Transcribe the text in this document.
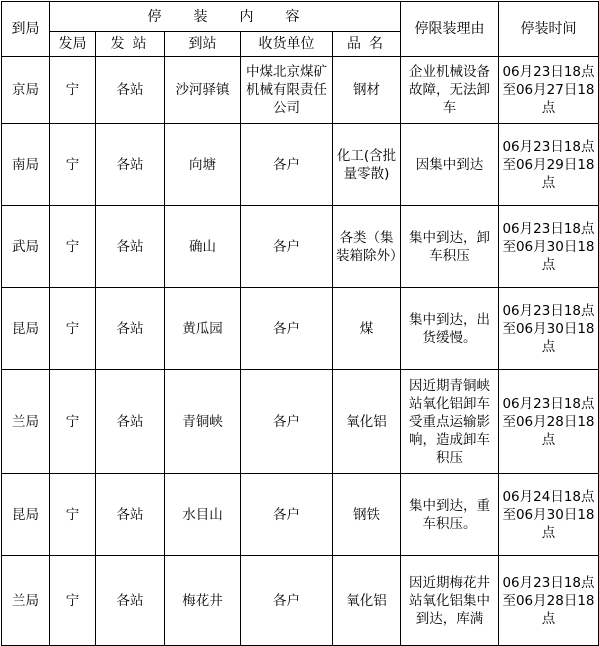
到局	停装内容					停限装理由	停装时间
	发局	发站	到站	收货单位	品名		
京局	宁	各站	沙河驿镇	中煤北京煤矿机械有限责任公司	钢材	企业机械设备故障，无法卸车	06月23日18点至06月27日18点
南局	宁	各站	向塘	各户	化工(含批量零散)	因集中到达	06月23日18点至06月29日18点
武局	宁	各站	确山	各户	各类（集装箱除外）	集中到达，卸车积压	06月23日18点至06月30日18点
昆局	宁	各站	黄瓜园	各户	煤	集中到达，出货缓慢。	06月23日18点至06月30日18点
兰局	宁	各站	青铜峡	各户	氧化铝	因近期青铜峡站氧化铝卸车受重点运输影响，造成卸车积压	06月23日18点至06月28日18点
昆局	宁	各站	水目山	各户	钢铁	集中到达，重车积压。	06月24日18点至06月30日18点
兰局	宁	各站	梅花井	各户	氧化铝	因近期梅花井站氧化铝集中到达，库满	06月23日18点至06月28日18点
